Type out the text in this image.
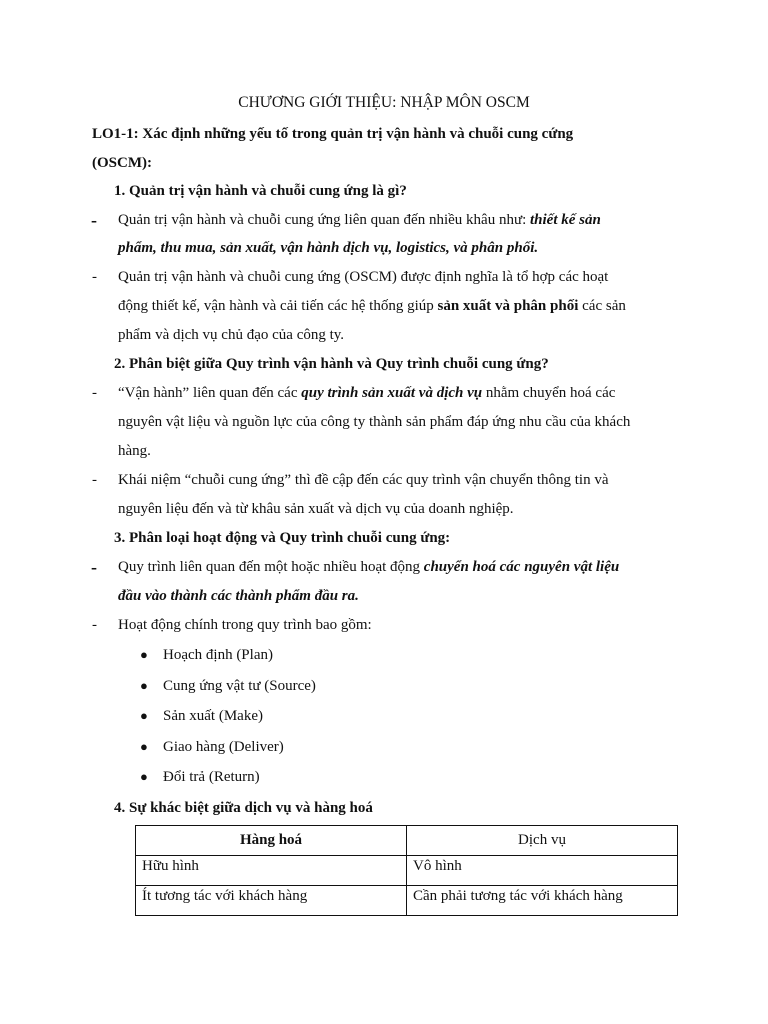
CHƯƠNG GIỚI THIỆU: NHẬP MÔN OSCM
LO1-1: Xác định những yếu tố trong quản trị vận hành và chuỗi cung cứng
(OSCM):
1. Quản trị vận hành và chuỗi cung ứng là gì?
- Quản trị vận hành và chuỗi cung ứng liên quan đến nhiều khâu như: thiết kế sản
phẩm, thu mua, sản xuất, vận hành dịch vụ, logistics, và phân phối.
- Quản trị vận hành và chuỗi cung ứng (OSCM) được định nghĩa là tổ hợp các hoạt
động thiết kế, vận hành và cải tiến các hệ thống giúp sản xuất và phân phối các sản
phẩm và dịch vụ chủ đạo của công ty.
2. Phân biệt giữa Quy trình vận hành và Quy trình chuỗi cung ứng?
- “Vận hành” liên quan đến các quy trình sản xuất và dịch vụ nhằm chuyển hoá các
nguyên vật liệu và nguồn lực của công ty thành sản phẩm đáp ứng nhu cầu của khách
hàng.
- Khái niệm “chuỗi cung ứng” thì đề cập đến các quy trình vận chuyển thông tin và
nguyên liệu đến và từ khâu sản xuất và dịch vụ của doanh nghiệp.
3. Phân loại hoạt động và Quy trình chuỗi cung ứng:
- Quy trình liên quan đến một hoặc nhiều hoạt động chuyển hoá các nguyên vật liệu
đầu vào thành các thành phẩm đầu ra.
- Hoạt động chính trong quy trình bao gồm:
● Hoạch định (Plan)
● Cung ứng vật tư (Source)
● Sản xuất (Make)
● Giao hàng (Deliver)
● Đổi trả (Return)
4. Sự khác biệt giữa dịch vụ và hàng hoá
Hàng hoá	Dịch vụ
Hữu hình	Vô hình
Ít tương tác với khách hàng	Cần phải tương tác với khách hàng
